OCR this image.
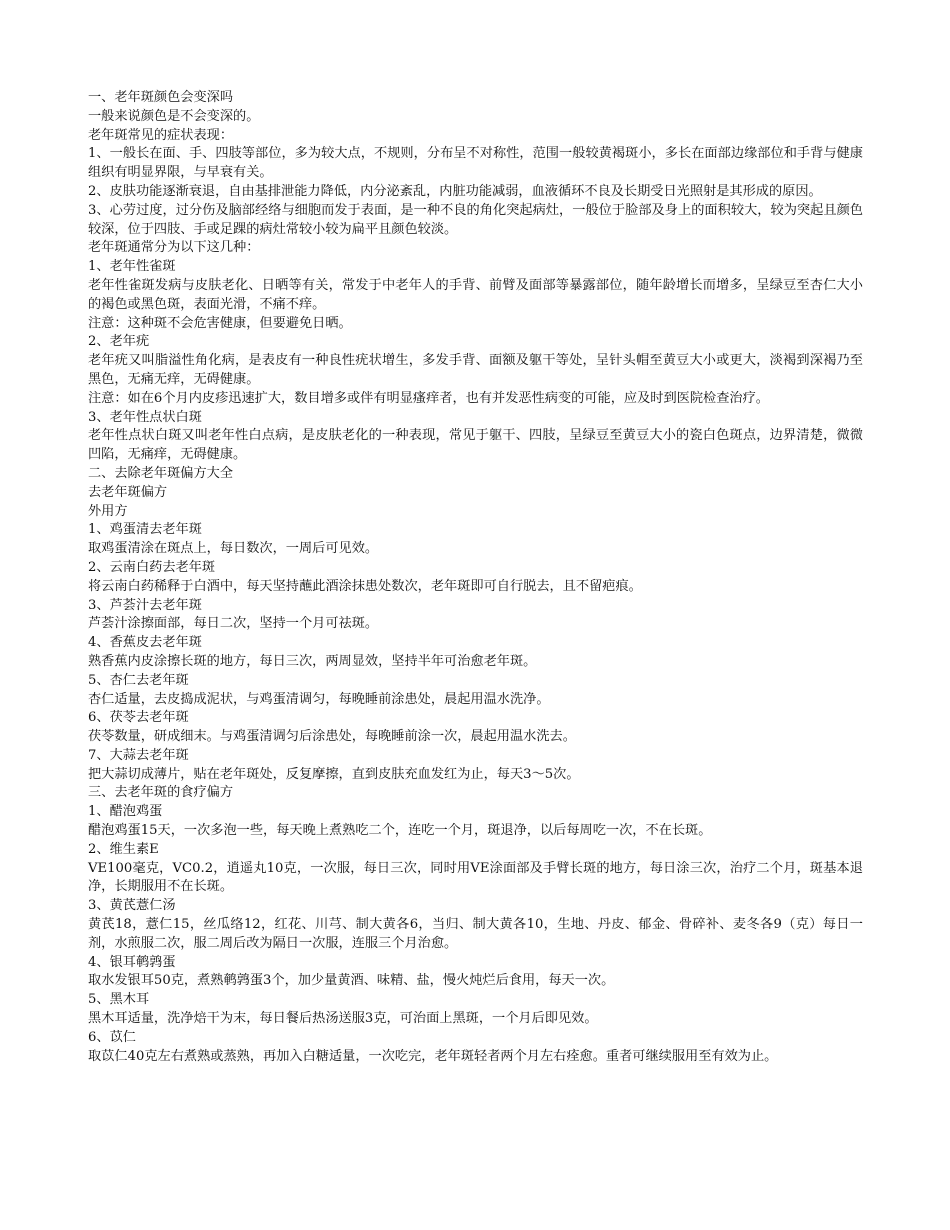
一、老年斑颜色会变深吗

一般来说颜色是不会变深的。

老年斑常见的症状表现：

1、一般长在面、手、四肢等部位，多为较大点，不规则，分布呈不对称性，范围一般较黄褐斑小，多长在面部边缘部位和手背与健康组织有明显界限，与早衰有关。

2、皮肤功能逐渐衰退，自由基排泄能力降低，内分泌紊乱，内脏功能减弱，血液循环不良及长期受日光照射是其形成的原因。

3、心劳过度，过分伤及脑部经络与细胞而发于表面，是一种不良的角化突起病灶，一般位于脸部及身上的面积较大，较为突起且颜色较深，位于四肢、手或足踝的病灶常较小较为扁平且颜色较淡。

老年斑通常分为以下这几种：

1、老年性雀斑

老年性雀斑发病与皮肤老化、日晒等有关，常发于中老年人的手背、前臂及面部等暴露部位，随年龄增长而增多，呈绿豆至杏仁大小的褐色或黑色斑，表面光滑，不痛不痒。

注意：这种斑不会危害健康，但要避免日晒。

2、老年疣

老年疣又叫脂溢性角化病，是表皮有一种良性疣状增生，多发手背、面额及躯干等处，呈针头帽至黄豆大小或更大，淡褐到深褐乃至黑色，无痛无痒，无碍健康。

注意：如在6个月内皮疹迅速扩大，数目增多或伴有明显瘙痒者，也有并发恶性病变的可能，应及时到医院检查治疗。

3、老年性点状白斑

老年性点状白斑又叫老年性白点病，是皮肤老化的一种表现，常见于躯干、四肢，呈绿豆至黄豆大小的瓷白色斑点，边界清楚，微微凹陷，无痛痒，无碍健康。

二、去除老年斑偏方大全

去老年斑偏方

外用方

1、鸡蛋清去老年斑

取鸡蛋清涂在斑点上，每日数次，一周后可见效。

2、云南白药去老年斑

将云南白药稀释于白酒中，每天坚持蘸此酒涂抹患处数次，老年斑即可自行脱去，且不留疤痕。

3、芦荟汁去老年斑

芦荟汁涂擦面部，每日二次，坚持一个月可祛斑。

4、香蕉皮去老年斑

熟香蕉内皮涂擦长斑的地方，每日三次，两周显效，坚持半年可治愈老年斑。

5、杏仁去老年斑

杏仁适量，去皮捣成泥状，与鸡蛋清调匀，每晚睡前涂患处，晨起用温水洗净。

6、茯苓去老年斑

茯苓数量，研成细末。与鸡蛋清调匀后涂患处，每晚睡前涂一次，晨起用温水洗去。

7、大蒜去老年斑

把大蒜切成薄片，贴在老年斑处，反复摩擦，直到皮肤充血发红为止，每天3～5次。

三、去老年斑的食疗偏方

1、醋泡鸡蛋

醋泡鸡蛋15天，一次多泡一些，每天晚上煮熟吃二个，连吃一个月，斑退净，以后每周吃一次，不在长斑。

2、维生素E

VE100毫克，VC0.2，逍遥丸10克，一次服，每日三次，同时用VE涂面部及手臂长斑的地方，每日涂三次，治疗二个月，斑基本退净，长期服用不在长斑。

3、黄芪薏仁汤

黄芪18，薏仁15，丝瓜络12，红花、川芎、制大黄各6，当归、制大黄各10，生地、丹皮、郁金、骨碎补、麦冬各9（克）每日一剂，水煎服二次，服二周后改为隔日一次服，连服三个月治愈。

4、银耳鹌鹑蛋

取水发银耳50克，煮熟鹌鹑蛋3个，加少量黄酒、味精、盐，慢火炖烂后食用，每天一次。

5、黑木耳

黑木耳适量，洗净焙干为末，每日餐后热汤送服3克，可治面上黑斑，一个月后即见效。

6、苡仁

取苡仁40克左右煮熟或蒸熟，再加入白糖适量，一次吃完，老年斑轻者两个月左右痊愈。重者可继续服用至有效为止。
